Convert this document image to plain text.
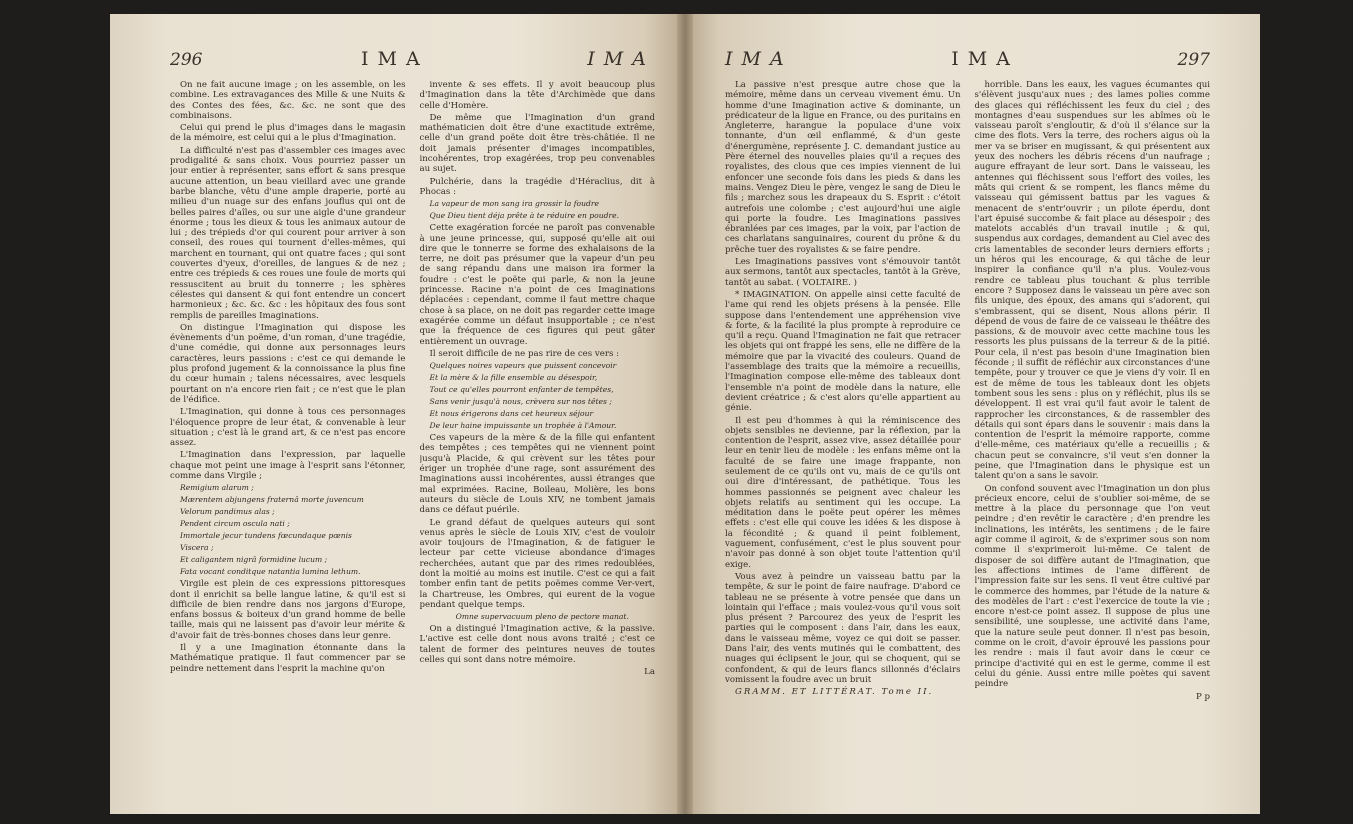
296	IMA	IMA

On ne fait aucune image ; on les assemble, on les combine. Les extravagances des Mille & une Nuits & des Contes des fées, &c. &c. ne sont que des combinaisons.

Celui qui prend le plus d'images dans le magasin de la mémoire, est celui qui a le plus d'Imagination.

La difficulté n'est pas d'assembler ces images avec prodigalité & sans choix. Vous pourriez passer un jour entier à représenter, sans effort & sans presque aucune attention, un beau vieillard avec une grande barbe blanche, vêtu d'une ample draperie, porté au milieu d'un nuage sur des enfans jouflus qui ont de belles paires d'aîles, ou sur une aigle d'une grandeur énorme ; tous les dieux & tous les animaux autour de lui ; des trépieds d'or qui courent pour arriver à son conseil, des roues qui tournent d'elles-mêmes, qui marchent en tournant, qui ont quatre faces ; qui sont couvertes d'yeux, d'oreilles, de langues & de nez ; entre ces trépieds & ces roues une foule de morts qui ressuscitent au bruit du tonnerre ; les sphères célestes qui dansent & qui font entendre un concert harmonieux ; &c. &c. &c : les hôpitaux des fous sont remplis de pareilles Imaginations.

On distingue l'Imagination qui dispose les évènements d'un poëme, d'un roman, d'une tragédie, d'une comédie, qui donne aux personnages leurs caractères, leurs passions : c'est ce qui demande le plus profond jugement & la connoissance la plus fine du cœur humain ; talens nécessaires, avec lesquels pourtant on n'a encore rien fait ; ce n'est que le plan de l'édifice.

L'Imagination, qui donne à tous ces personnages l'éloquence propre de leur état, & convenable à leur situation ; c'est là le grand art, & ce n'est pas encore assez.

L'Imagination dans l'expression, par laquelle chaque mot peint une image à l'esprit sans l'étonner, comme dans Virgile ;

Remigium alarum ;

Mærentem abjungens fraternâ morte juvencum

Velorum pandimus alas ;

Pendent circum oscula nati ;

Immortale jecur tundens fœcundaque pœnis

Viscera ;

Et caligantem nigrâ formidine lucum ;

Fata vocant conditque natantia lumina lethum.

Virgile est plein de ces expressions pittoresques dont il enrichit sa belle langue latine, & qu'il est si difficile de bien rendre dans nos jargons d'Europe, enfans bossus & boiteux d'un grand homme de belle taille, mais qui ne laissent pas d'avoir leur mérite & d'avoir fait de très-bonnes choses dans leur genre.

Il y a une Imagination étonnante dans la Mathématique pratique. Il faut commencer par se peindre nettement dans l'esprit la machine qu'on

invente & ses effets. Il y avoit beaucoup plus d'Imagination dans la tête d'Archimède que dans celle d'Homère.

De même que l'Imagination d'un grand mathématicien doit être d'une exactitude extrême, celle d'un grand poëte doit être très-châtiée. Il ne doit jamais présenter d'images incompatibles, incohérentes, trop exagérées, trop peu convenables au sujet.

Pulchérie, dans la tragédie d'Héraclius, dit à Phocas :

La vapeur de mon sang ira grossir la foudre

Que Dieu tient déja prête à te réduire en poudre.

Cette exagération forcée ne paroît pas convenable à une jeune princesse, qui, supposé qu'elle ait oui dire que le tonnerre se forme des exhalaisons de la terre, ne doit pas présumer que la vapeur d'un peu de sang répandu dans une maison ira former la foudre : c'est le poëte qui parle, & non la jeune princesse. Racine n'a point de ces Imaginations déplacées : cependant, comme il faut mettre chaque chose à sa place, on ne doit pas regarder cette image exagérée comme un défaut insupportable ; ce n'est que la fréquence de ces figures qui peut gâter entièrement un ouvrage.

Il seroit difficile de ne pas rire de ces vers :

Quelques noires vapeurs que puissent concevoir

Et la mère & la fille ensemble au désespoir,

Tout ce qu'elles pourront enfanter de tempêtes,

Sans venir jusqu'à nous, crèvera sur nos têtes ;

Et nous érigerons dans cet heureux séjour

De leur haine impuissante un trophée à l'Amour.

Ces vapeurs de la mère & de la fille qui enfantent des tempêtes ; ces tempêtes qui ne viennent point jusqu'à Placide, & qui crèvent sur les têtes pour ériger un trophée d'une rage, sont assurément des Imaginations aussi incohérentes, aussi étranges que mal exprimées. Racine, Boileau, Molière, les bons auteurs du siècle de Louis XIV, ne tombent jamais dans ce défaut puérile.

Le grand défaut de quelques auteurs qui sont venus après le siècle de Louis XIV, c'est de vouloir avoir toujours de l'Imagination, & de fatiguer le lecteur par cette vicieuse abondance d'images recherchées, autant que par des rimes redoublées, dont la moitié au moins est inutile. C'est ce qui a fait tomber enfin tant de petits poëmes comme Ver-vert, la Chartreuse, les Ombres, qui eurent de la vogue pendant quelque temps.

Omne supervacuum pleno de pectore manat.

On a distingué l'Imagination active, & la passive. L'active est celle dont nous avons traité ; c'est ce talent de former des peintures neuves de toutes celles qui sont dans notre mémoire.

La

IMA	IMA	297

La passive n'est presque autre chose que la mémoire, même dans un cerveau vivement ému. Un homme d'une Imagination active & dominante, un prédicateur de la ligue en France, ou des puritains en Angleterre, harangue la populace d'une voix tonnante, d'un œil enflammé, & d'un geste d'énergumène, représente J. C. demandant justice au Père éternel des nouvelles plaies qu'il a reçues des royalistes, des clous que ces impies viennent de lui enfoncer une seconde fois dans les pieds & dans les mains. Vengez Dieu le père, vengez le sang de Dieu le fils ; marchez sous les drapeaux du S. Esprit : c'étoit autrefois une colombe ; c'est aujourd'hui une aigle qui porte la foudre. Les Imaginations passives ébranlées par ces images, par la voix, par l'action de ces charlatans sanguinaires, courent du prône & du prêche tuer des royalistes & se faire pendre.

Les Imaginations passives vont s'émouvoir tantôt aux sermons, tantôt aux spectacles, tantôt à la Grève, tantôt au sabat. ( VOLTAIRE. )

* IMAGINATION. On appelle ainsi cette faculté de l'ame qui rend les objets présens à la pensée. Elle suppose dans l'entendement une appréhension vive & forte, & la facilité la plus prompte à reproduire ce qu'il a reçu. Quand l'Imagination ne fait que retracer les objets qui ont frappé les sens, elle ne diffère de la mémoire que par la vivacité des couleurs. Quand de l'assemblage des traits que la mémoire a recueillis, l'Imagination compose elle-même des tableaux dont l'ensemble n'a point de modèle dans la nature, elle devient créatrice ; & c'est alors qu'elle appartient au génie.

Il est peu d'hommes à qui la réminiscence des objets sensibles ne devienne, par la réflexion, par la contention de l'esprit, assez vive, assez détaillée pour leur en tenir lieu de modèle : les enfans même ont la faculté de se faire une image frappante, non seulement de ce qu'ils ont vu, mais de ce qu'ils ont oui dire d'intéressant, de pathétique. Tous les hommes passionnés se peignent avec chaleur les objets relatifs au sentiment qui les occupe. La méditation dans le poëte peut opérer les mêmes effets : c'est elle qui couve les idées & les dispose à la fécondité ; & quand il peint foiblement, vaguement, confusément, c'est le plus souvent pour n'avoir pas donné à son objet toute l'attention qu'il exige.

Vous avez à peindre un vaisseau battu par la tempête, & sur le point de faire naufrage. D'abord ce tableau ne se présente à votre pensée que dans un lointain qui l'efface ; mais voulez-vous qu'il vous soit plus présent ? Parcourez des yeux de l'esprit les parties qui le composent : dans l'air, dans les eaux, dans le vaisseau même, voyez ce qui doit se passer. Dans l'air, des vents mutinés qui le combattent, des nuages qui éclipsent le jour, qui se choquent, qui se confondent, & qui de leurs flancs sillonnés d'éclairs vomissent la foudre avec un bruit

GRAMM. ET LITTÉRAT. Tome II.

horrible. Dans les eaux, les vagues écumantes qui s'élèvent jusqu'aux nues ; des lames polies comme des glaces qui réfléchissent les feux du ciel ; des montagnes d'eau suspendues sur les abîmes où le vaisseau paroît s'engloutir, & d'où il s'élance sur la cime des flots. Vers la terre, des rochers aigus où la mer va se briser en mugissant, & qui présentent aux yeux des nochers les débris récens d'un naufrage ; augure effrayant de leur sort. Dans le vaisseau, les antennes qui fléchissent sous l'effort des voiles, les mâts qui crient & se rompent, les flancs même du vaisseau qui gémissent battus par les vagues & menacent de s'entr'ouvrir ; un pilote éperdu, dont l'art épuisé succombe & fait place au désespoir ; des matelots accablés d'un travail inutile ; & qui, suspendus aux cordages, demandent au Ciel avec des cris lamentables de seconder leurs derniers efforts ; un héros qui les encourage, & qui tâche de leur inspirer la confiance qu'il n'a plus. Voulez-vous rendre ce tableau plus touchant & plus terrible encore ? Supposez dans le vaisseau un père avec son fils unique, des époux, des amans qui s'adorent, qui s'embrassent, qui se disent, Nous allons périr. Il dépend de vous de faire de ce vaisseau le théâtre des passions, & de mouvoir avec cette machine tous les ressorts les plus puissans de la terreur & de la pitié. Pour cela, il n'est pas besoin d'une Imagination bien féconde ; il suffit de réfléchir aux circonstances d'une tempête, pour y trouver ce que je viens d'y voir. Il en est de même de tous les tableaux dont les objets tombent sous les sens : plus on y réfléchit, plus ils se développent. Il est vrai qu'il faut avoir le talent de rapprocher les circonstances, & de rassembler des détails qui sont épars dans le souvenir : mais dans la contention de l'esprit la mémoire rapporte, comme d'elle-même, ces matériaux qu'elle a recueillis ; & chacun peut se convaincre, s'il veut s'en donner la peine, que l'Imagination dans le physique est un talent qu'on a sans le savoir.

On confond souvent avec l'Imagination un don plus précieux encore, celui de s'oublier soi-même, de se mettre à la place du personnage que l'on veut peindre ; d'en revêtir le caractère ; d'en prendre les inclinations, les intérêts, les sentimens ; de le faire agir comme il agiroit, & de s'exprimer sous son nom comme il s'exprimeroit lui-même. Ce talent de disposer de soi diffère autant de l'Imagination, que les affections intimes de l'ame diffèrent de l'impression faite sur les sens. Il veut être cultivé par le commerce des hommes, par l'étude de la nature & des modèles de l'art : c'est l'exercice de toute la vie ; encore n'est-ce point assez. Il suppose de plus une sensibilité, une souplesse, une activité dans l'ame, que la nature seule peut donner. Il n'est pas besoin, comme on le croit, d'avoir éprouvé les passions pour les rendre : mais il faut avoir dans le cœur ce principe d'activité qui en est le germe, comme il est celui du génie. Aussi entre mille poètes qui savent peindre

P p
